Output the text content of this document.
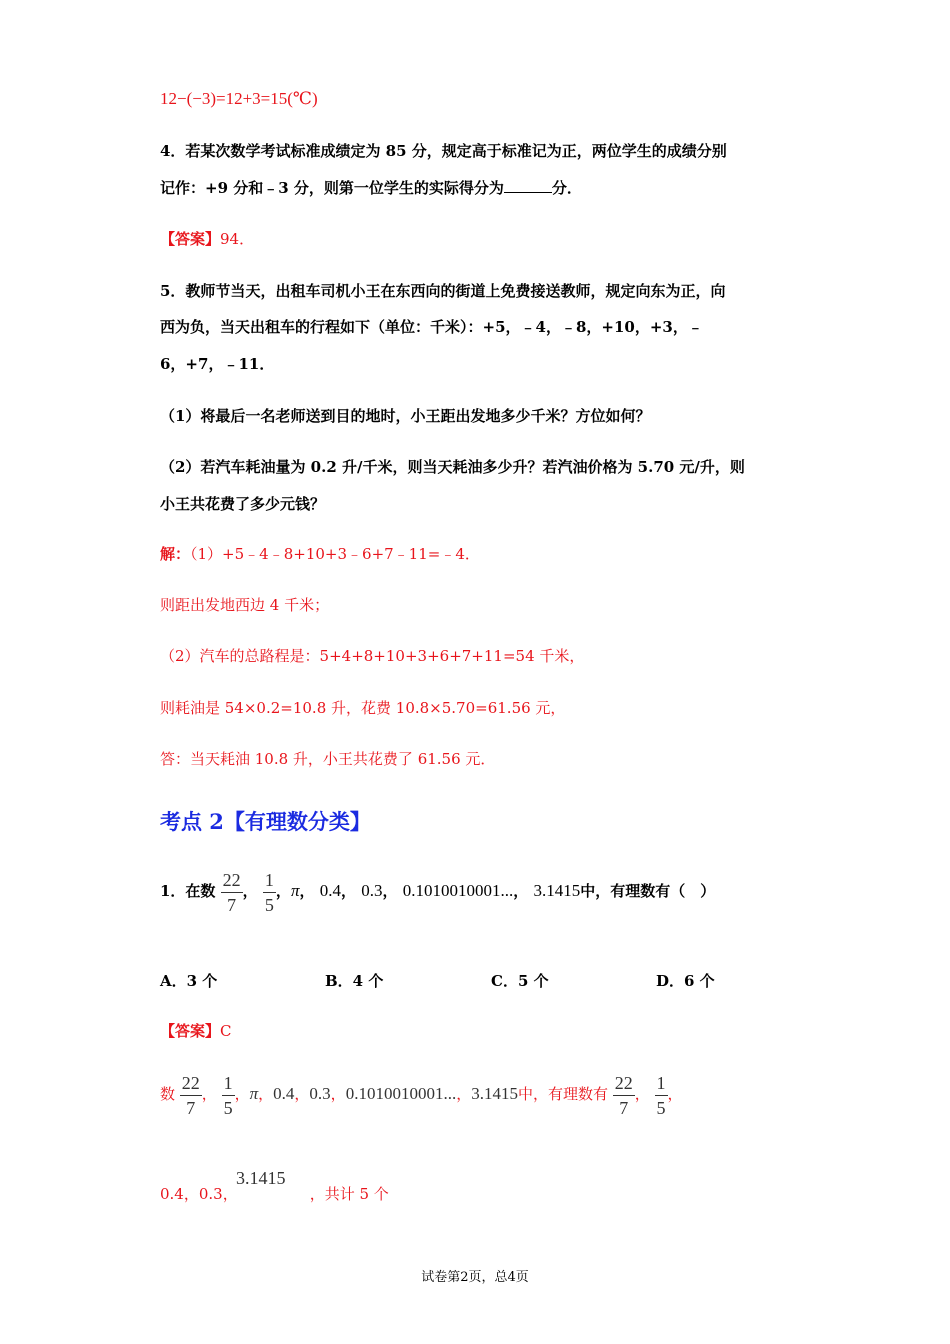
12−(−3)=12+3=15(℃)
4．若某次数学考试标准成绩定为 85 分，规定高于标准记为正，两位学生的成绩分别
记作：+9 分和﹣3 分，则第一位学生的实际得分为	分．
【答案】94．
5．教师节当天，出租车司机小王在东西向的街道上免费接送教师，规定向东为正，向
西为负，当天出租车的行程如下（单位：千米）：+5，﹣4，﹣8，+10，+3，﹣
6，+7，﹣11．
（1）将最后一名老师送到目的地时，小王距出发地多少千米？方位如何？
（2）若汽车耗油量为 0.2 升/千米，则当天耗油多少升？若汽油价格为 5.70 元/升，则
小王共花费了多少元钱？
解：（1）+5﹣4﹣8+10+3﹣6+7﹣11=﹣4．
则距出发地西边 4 千米；
（2）汽车的总路程是：5+4+8+10+3+6+7+11=54 千米，
则耗油是 54×0.2=10.8 升，花费 10.8×5.70=61.56 元，
答：当天耗油 10.8 升，小王共花费了 61.56 元．
考点 2【有理数分类】
1．在数 $\frac{22}{7}$ ， $\frac{1}{5}$ ，π， 0.4， 0.3， 0.1010010001...， 3.1415中，有理数有（　）
A．3 个	B．4 个	C．5 个	D．6 个
【答案】C
数 $\frac{22}{7}$ ， $\frac{1}{5}$ ，π，0.4，0.3，0.1010010001...，3.1415中，有理数有 $\frac{22}{7}$ ， $\frac{1}{5}$ ，
3.1415
0.4，0.3，	，共计 5 个
试卷第2页，总4页
